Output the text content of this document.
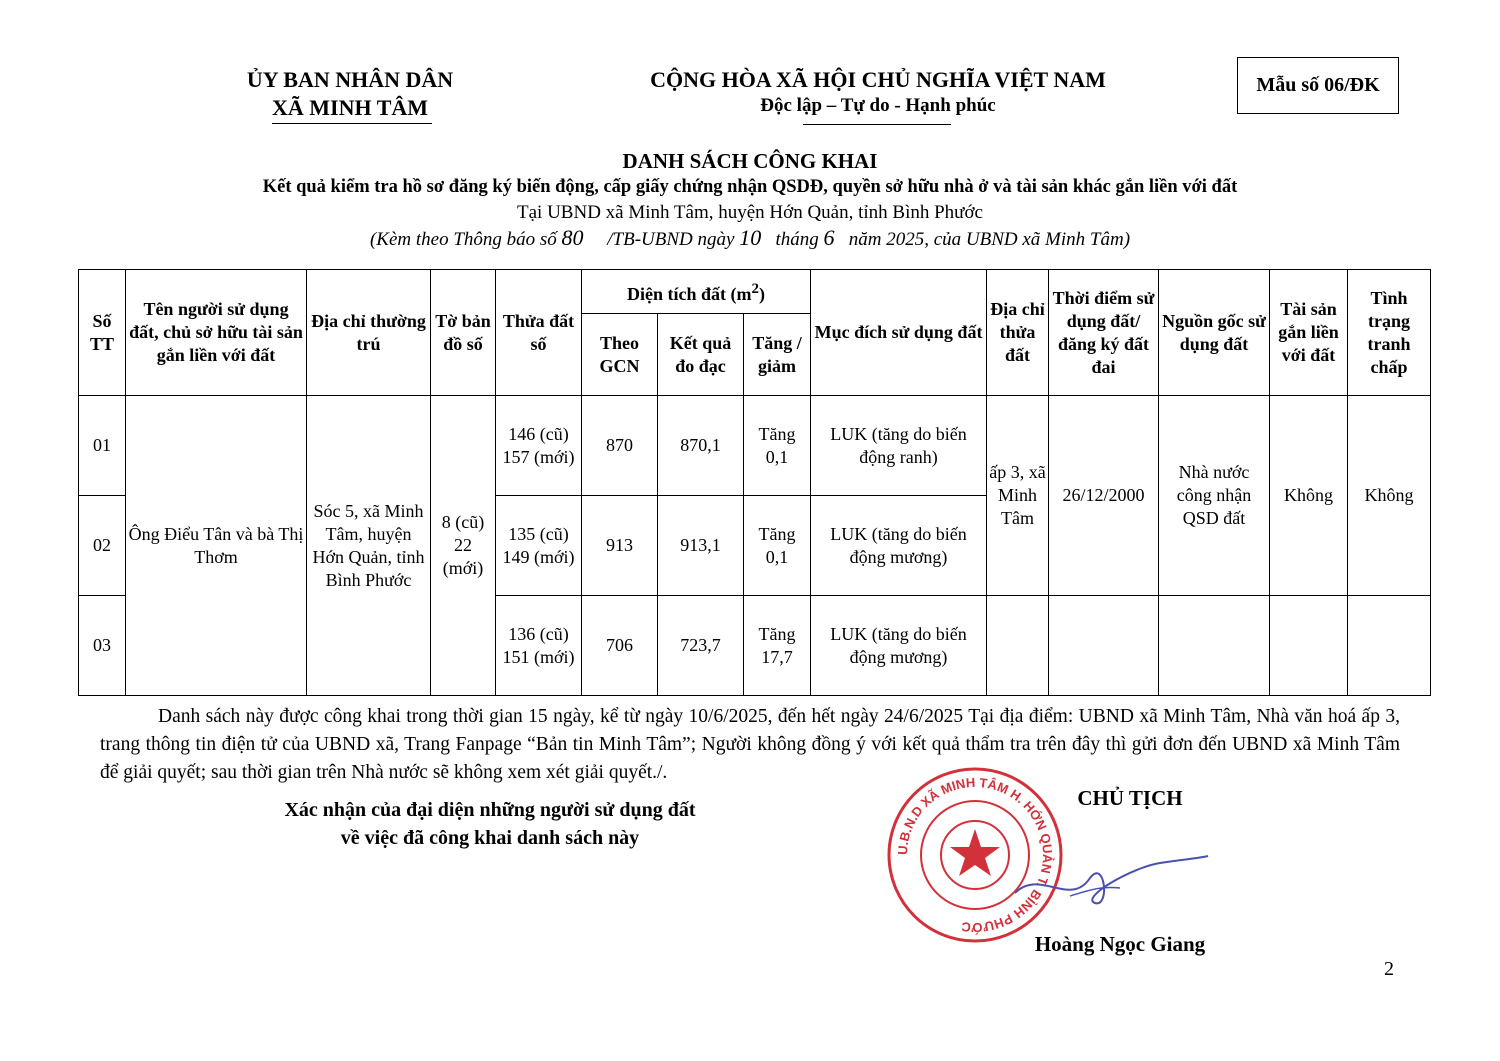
ỦY BAN NHÂN DÂN
XÃ MINH TÂM
CỘNG HÒA XÃ HỘI CHỦ NGHĨA VIỆT NAM
Độc lập – Tự do - Hạnh phúc
Mẫu số 06/ĐK
DANH SÁCH CÔNG KHAI
Kết quả kiểm tra hồ sơ đăng ký biến động, cấp giấy chứng nhận QSDĐ, quyền sở hữu nhà ở và tài sản khác gắn liền với đất
Tại UBND xã Minh Tâm, huyện Hớn Quản, tỉnh Bình Phước
(Kèm theo Thông báo số 80 /TB-UBND ngày 10 tháng 6 năm 2025, của UBND xã Minh Tâm)
Số TT	Tên người sử dụng đất, chủ sở hữu tài sản gắn liền với đất	Địa chỉ thường trú	Tờ bản đồ số	Thửa đất số	Diện tích đất $(m^2)$			Mục đích sử dụng đất	Địa chỉ thửa đất	Thời điểm sử dụng đất/đăng ký đất đai	Nguồn gốc sử dụng đất	Tài sản gắn liền với đất	Tình trạng tranh chấp
					Theo GCN	Kết quả đo đạc	Tăng / giảm						
01	Ông Điểu Tân và bà Thị Thơm	Sóc 5, xã Minh Tâm, huyện Hớn Quản, tỉnh Bình Phước	8 (cũ) 22 (mới)	146 (cũ) 157 (mới)	870	870,1	Tăng 0,1	LUK (tăng do biến động ranh)	ấp 3, xã Minh Tâm	26/12/2000	Nhà nước công nhận QSD đất	Không	Không
02				135 (cũ) 149 (mới)	913	913,1	Tăng 0,1	LUK (tăng do biến động mương)					
03				136 (cũ) 151 (mới)	706	723,7	Tăng 17,7	LUK (tăng do biến động mương)					
Danh sách này được công khai trong thời gian 15 ngày, kể từ ngày 10/6/2025, đến hết ngày 24/6/2025 Tại địa điểm: UBND xã Minh Tâm, Nhà văn hoá ấp 3, trang thông tin điện tử của UBND xã, Trang Fanpage “Bản tin Minh Tâm”; Người không đồng ý với kết quả thẩm tra trên đây thì gửi đơn đến UBND xã Minh Tâm để giải quyết; sau thời gian trên Nhà nước sẽ không xem xét giải quyết./.
Xác nhận của đại diện những người sử dụng đất
về việc đã công khai danh sách này
U.B.N.D XÃ MINH TÂM H. HỚN QUẢN T. BÌNH PHƯỚC
CHỦ TỊCH
Hoàng Ngọc Giang
2
